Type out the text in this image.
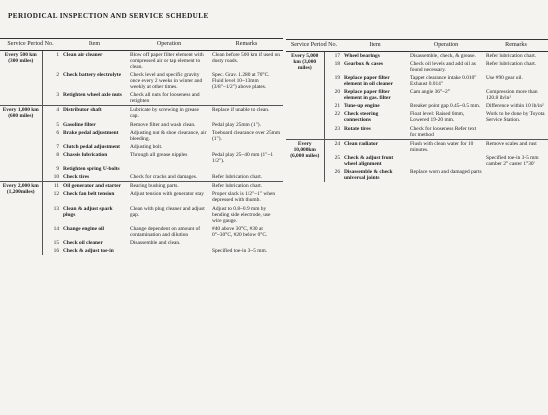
PERIODICAL INSPECTION AND SERVICE SCHEDULE
Service Period No.		Item	Operation	Remarks
Every 500 km (300 miles)	1	Clean air cleaner	Blow off paper filter element with compressed air or tap element to clean.	Clean before 500 km if used on dusty roads.
	2	Check battery electrolyte	Check level and specific gravity once every 2 weeks in winter and weekly at other times.	Spec. Grav. 1.280 at 70°C. Fluid level 10~13mm (3/8"~1/2") above plates.
	3	Retighten wheel axle nuts	Check all nuts for looseness and retighten	
Every 1,000 km (600 miles)	4	Distributor shaft	Lubricate by screwing in grease cap.	Replace if unable to clean.
	5	Gasoline filter	Remove filter and wash clean.	Pedal play 25mm (1").
	6	Brake pedal adjustment	Adjusting nut & shoe clearance, air bleeding.	Toeboard clearance over 25mm (1").
	7	Clutch pedal adjustment	Adjusting bolt.	
	8	Chassis lubrication	Through all grease nipples	Pedal play 25~40 mm (1"~1 1/2").
	9	Retighten spring U-bolts		
	10	Check tires	Check for cracks and damages.	Refer lubrication chart.
Every 2,000 km (1,200miles)	11	Oil generator and starter	Bearing bushing parts.	Refer lubrication chart.
	12	Check fan belt tension	Adjust tension with generator stay	Proper slack is 1/2"~1" when depressed with thumb.
	13	Clean & adjust spark plugs	Clean with plug cleaner and adjust gap.	Adjust to 0.8~0.9 mm by bending side electrode, use wire gauge.
	14	Change engine oil	Change dependent on amount of contamination and dilution	#40 above 30°C, #30 at 0°~30°C, #20 below 0°C.
	15	Check oil cleaner	Disassemble and clean.	
	16	Check & adjust toe-in		Specified toe-in 3~5 mm.
Service Period No.		Item	Operation	Remarks
Every 5,000 km (3,000 miles)	17	Wheel bearings	Disassemble, check, & grease.	Refer lubrication chart.
	18	Gearbox & cases	Check oil levels and add oil as found necessary.	Refer lubrication chart.
	19	Replace paper filter element in oil cleaner	Tappet clearance intake 0.010" Exhaust 0.014"	Use #90 gear oil.
	20	Replace paper filter element in gas. filter	Cam angle 36°~2°	Compression more than 120.8 lb/in²
	21	Tune-up engine	Breaker point gap 0.45~0.5 mm.	Difference within 10 lb/in²
	22	Check steering connections	Float level: Raised 6mm, Lowered 19-20 mm.	Work to be done by Toyota Service Station.
	23	Rotate tires	Check for looseness Refer text for method	
Every 10,000km (6,000 miles)	24	Clean radiator	Flush with clean water for 10 minutes.	Remove scales and rust
	25	Check & adjust front wheel alignment		Specified toe-in 3-5 mm camber 2° caster 1°30'
	26	Disassemble & check universal joints	Replace worn and damaged parts	
